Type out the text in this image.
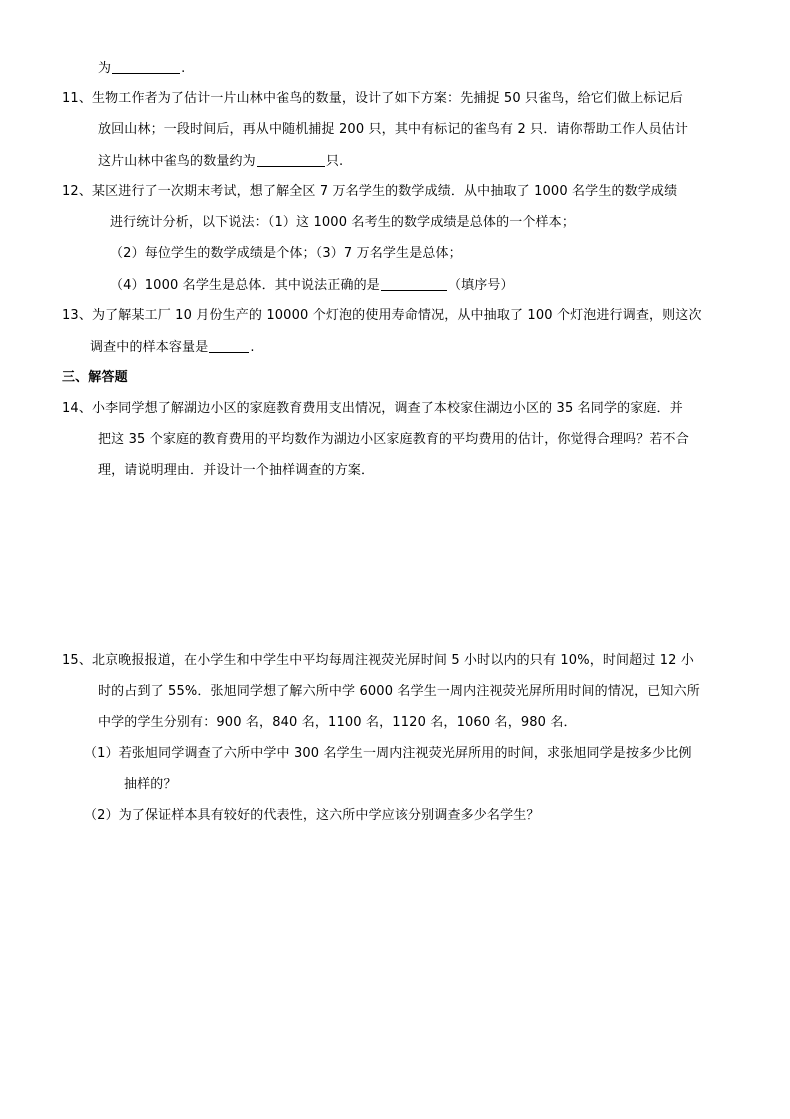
为	.
11、生物工作者为了估计一片山林中雀鸟的数量，设计了如下方案：先捕捉 50 只雀鸟，给它们做上标记后
放回山林；一段时间后，再从中随机捕捉 200 只，其中有标记的雀鸟有 2 只．请你帮助工作人员估计
这片山林中雀鸟的数量约为	只.
12、某区进行了一次期末考试，想了解全区 7 万名学生的数学成绩．从中抽取了 1000 名学生的数学成绩
进行统计分析，以下说法：（1）这 1000 名考生的数学成绩是总体的一个样本；
（2）每位学生的数学成绩是个体；（3）7 万名学生是总体；
（4）1000 名学生是总体．其中说法正确的是	（填序号）
13、为了解某工厂 10 月份生产的 10000 个灯泡的使用寿命情况，从中抽取了 100 个灯泡进行调查，则这次
调查中的样本容量是	.
三、解答题
14、小李同学想了解湖边小区的家庭教育费用支出情况，调查了本校家住湖边小区的 35 名同学的家庭．并
把这 35 个家庭的教育费用的平均数作为湖边小区家庭教育的平均费用的估计，你觉得合理吗？若不合
理，请说明理由．并设计一个抽样调查的方案．
15、北京晚报报道，在小学生和中学生中平均每周注视荧光屏时间 5 小时以内的只有 10%，时间超过 12 小
时的占到了 55%．张旭同学想了解六所中学 6000 名学生一周内注视荧光屏所用时间的情况，已知六所
中学的学生分别有：900 名，840 名，1100 名，1120 名，1060 名，980 名．
（1）若张旭同学调查了六所中学中 300 名学生一周内注视荧光屏所用的时间，求张旭同学是按多少比例
抽样的？
（2）为了保证样本具有较好的代表性，这六所中学应该分别调查多少名学生？
